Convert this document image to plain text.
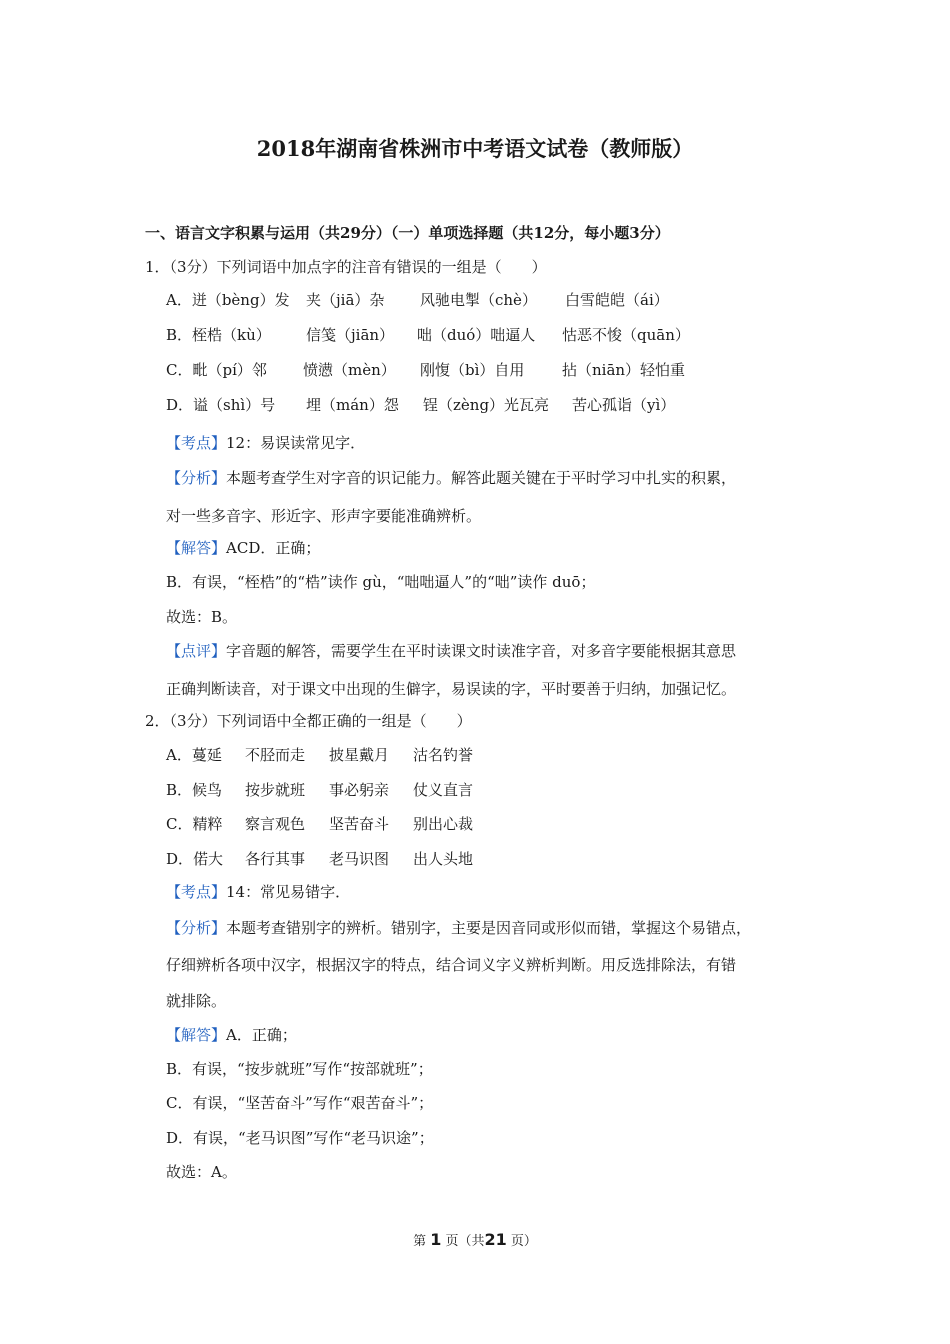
2018年湖南省株洲市中考语文试卷（教师版）
一、语言文字积累与运用（共29分）（一）单项选择题（共12分，每小题3分）
1．（3分）下列词语中加点字的注音有错误的一组是（　　）
A．迸（bèng）发 夹（jiā）杂 风驰电掣（chè） 白雪皑皑（ái）
B．桎梏（kù） 信笺（jiān） 咄（duó）咄逼人 怙恶不悛（quān）
C．毗（pí）邻 愤懑（mèn） 刚愎（bì）自用	拈（niān）轻怕重
D．谥（shì）号 埋（mán）怨 锃（zèng）光瓦亮 苦心孤诣（yì）
【考点】12：易误读常见字．
【分析】本题考查学生对字音的识记能力。解答此题关键在于平时学习中扎实的积累，
对一些多音字、形近字、形声字要能准确辨析。
【解答】ACD．正确；
B．有误，“桎梏”的“梏”读作 gù，“咄咄逼人”的“咄”读作 duō；
故选：B。
【点评】字音题的解答，需要学生在平时读课文时读准字音，对多音字要能根据其意思
正确判断读音，对于课文中出现的生僻字，易误读的字，平时要善于归纳，加强记忆。
2．（3分）下列词语中全都正确的一组是（　　）
A．蔓延 不胫而走 披星戴月 沽名钓誉
B．候鸟 按步就班 事必躬亲 仗义直言
C．精粹 察言观色 坚苦奋斗 别出心裁
D．偌大 各行其事 老马识图 出人头地
【考点】14：常见易错字．
【分析】本题考查错别字的辨析。错别字，主要是因音同或形似而错，掌握这个易错点，
仔细辨析各项中汉字，根据汉字的特点，结合词义字义辨析判断。用反选排除法，有错
就排除。
【解答】A．正确；
B．有误，“按步就班”写作“按部就班”；
C．有误，“坚苦奋斗”写作“艰苦奋斗”；
D．有误，“老马识图”写作“老马识途”；
故选：A。
第 1 页（共21 页）
